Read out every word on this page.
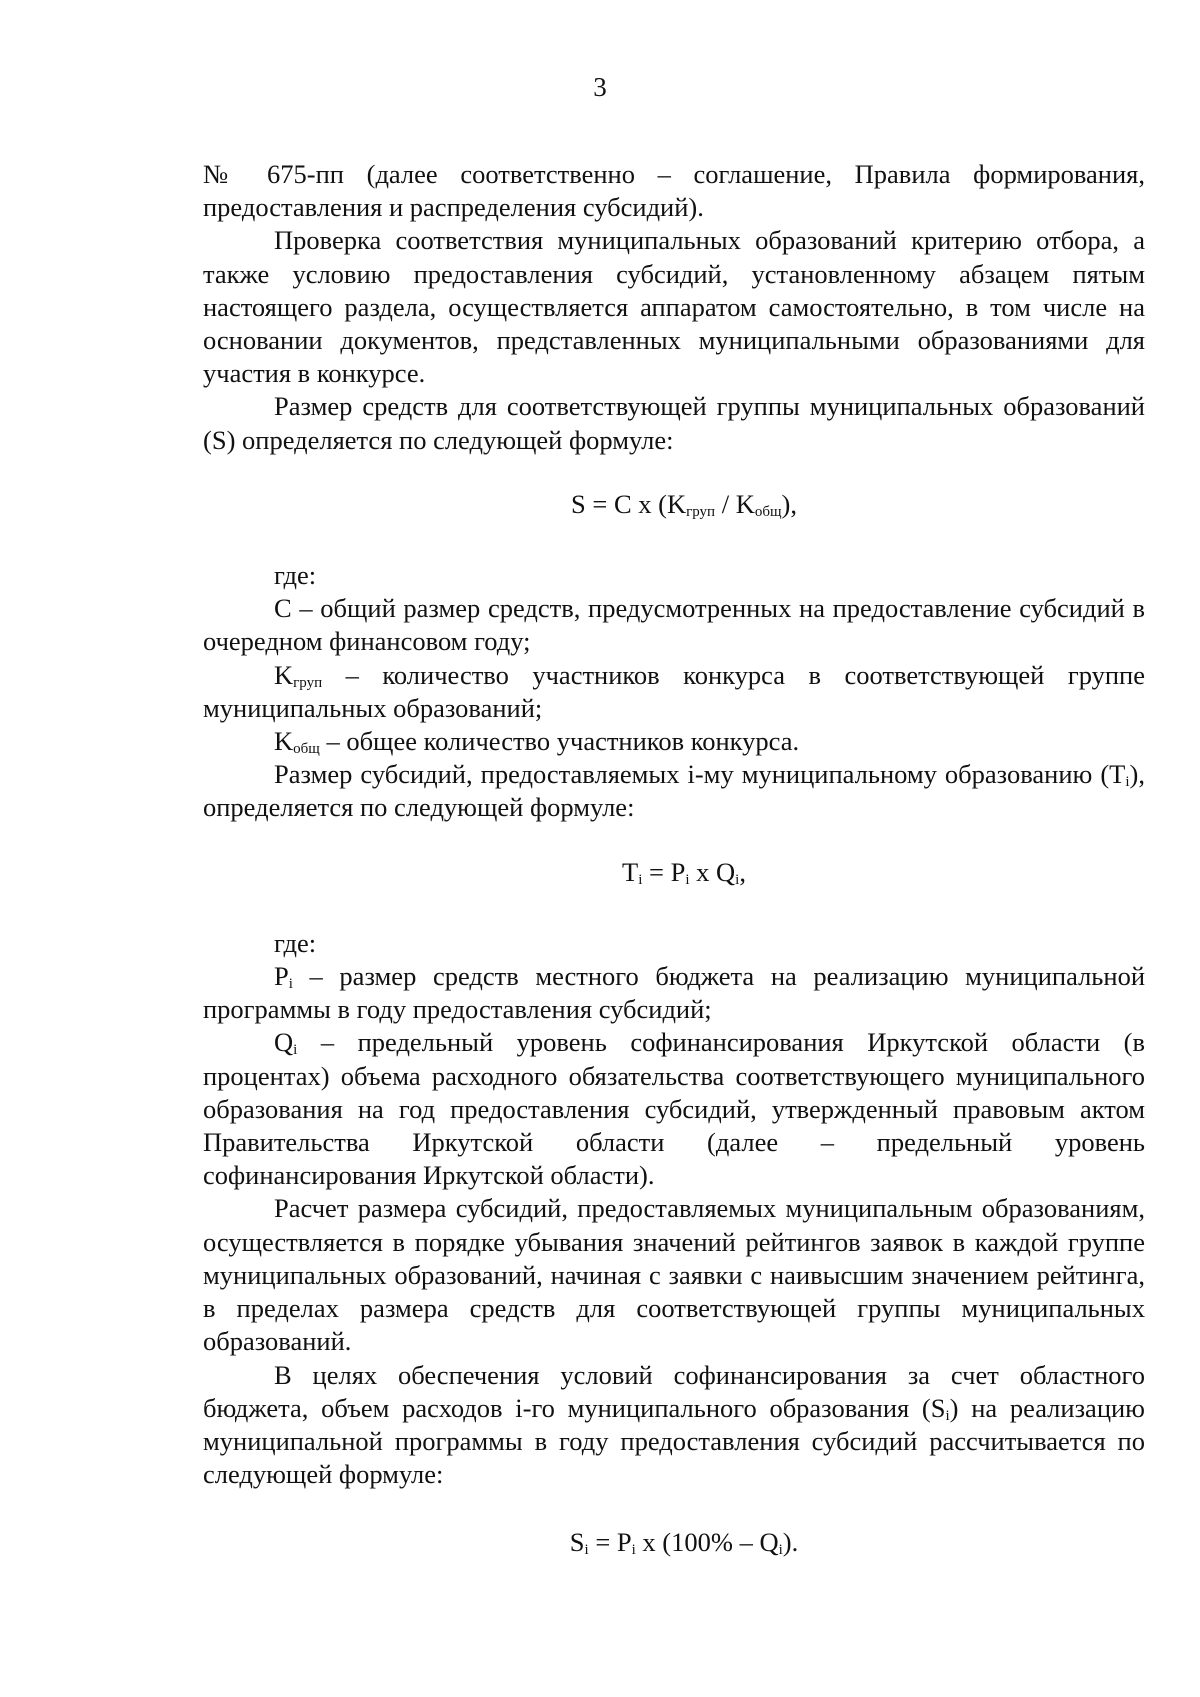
3

№ 675-пп (далее соответственно – соглашение, Правила формирования, предоставления и распределения субсидий).

Проверка соответствия муниципальных образований критерию отбора, а также условию предоставления субсидий, установленному абзацем пятым настоящего раздела, осуществляется аппаратом самостоятельно, в том числе на основании документов, представленных муниципальными образованиями для участия в конкурсе.

Размер средств для соответствующей группы муниципальных образований (S) определяется по следующей формуле:

S = C x $(K_{груп} / K_{общ})$,

где:

C – общий размер средств, предусмотренных на предоставление субсидий в очередном финансовом году;

$K_{груп}$ – количество участников конкурса в соответствующей группе муниципальных образований;

$K_{общ}$ – общее количество участников конкурса.

Размер субсидий, предоставляемых i-му муниципальному образованию $(T_i)$, определяется по следующей формуле:

$T_i = P_i$ x $Q_i$,

где:

$P_i$ – размер средств местного бюджета на реализацию муниципальной программы в году предоставления субсидий;

$Q_i$ – предельный уровень софинансирования Иркутской области (в процентах) объема расходного обязательства соответствующего муниципального образования на год предоставления субсидий, утвержденный правовым актом Правительства Иркутской области (далее – предельный уровень софинансирования Иркутской области).

Расчет размера субсидий, предоставляемых муниципальным образованиям, осуществляется в порядке убывания значений рейтингов заявок в каждой группе муниципальных образований, начиная с заявки с наивысшим значением рейтинга, в пределах размера средств для соответствующей группы муниципальных образований.

В целях обеспечения условий софинансирования за счет областного бюджета, объем расходов i-го муниципального образования $(S_i)$ на реализацию муниципальной программы в году предоставления субсидий рассчитывается по следующей формуле:

$S_i = P_i$ x $(100\% - Q_i)$.
